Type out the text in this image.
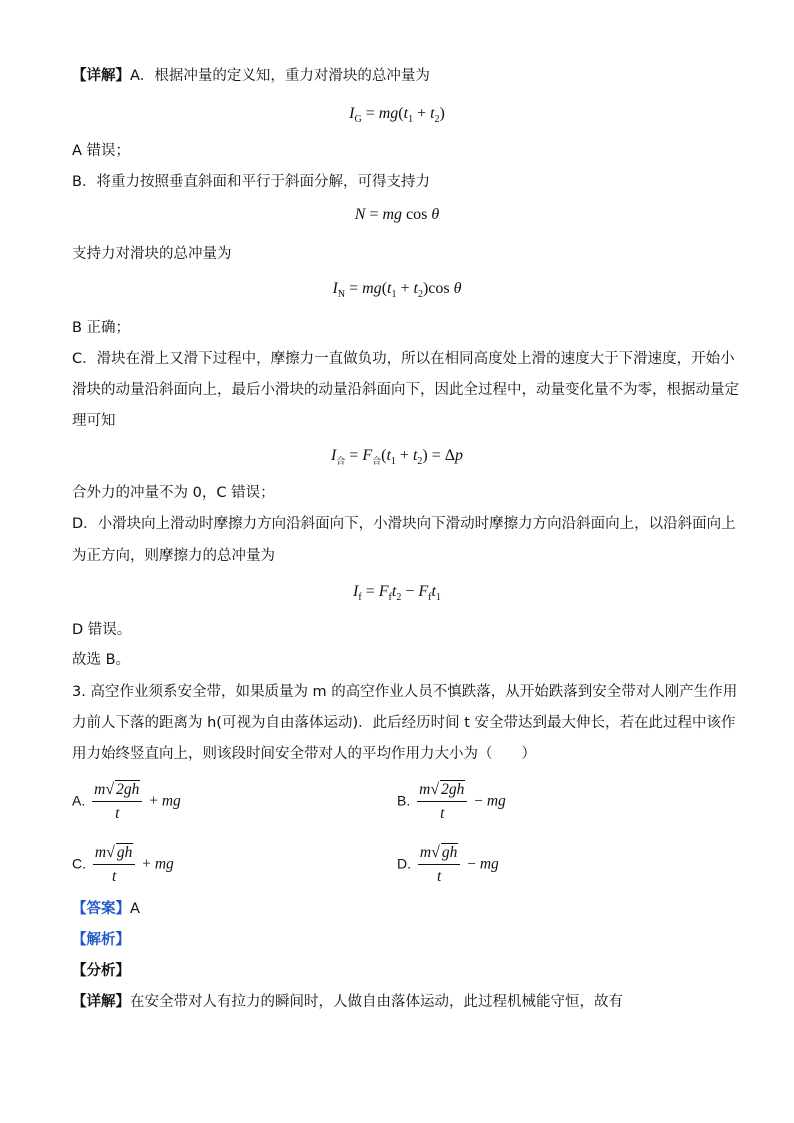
【详解】A．根据冲量的定义知，重力对滑块的总冲量为
$I_G = mg(t_1 + t_2)$
A 错误；
B．将重力按照垂直斜面和平行于斜面分解，可得支持力
N = mg cos θ
支持力对滑块的总冲量为
$I_N = mg(t_1 + t_2)\cos$ θ
B 正确；
C．滑块在滑上又滑下过程中，摩擦力一直做负功，所以在相同高度处上滑的速度大于下滑速度，开始小
滑块的动量沿斜面向上，最后小滑块的动量沿斜面向下，因此全过程中，动量变化量不为零，根据动量定
理可知
$I_合 = F_合(t_1 + t_2) = \Delta p$
合外力的冲量不为 0，C 错误；
D．小滑块向上滑动时摩擦力方向沿斜面向下，小滑块向下滑动时摩擦力方向沿斜面向上，以沿斜面向上
为正方向，则摩擦力的总冲量为
$I_f = F_ft_2 - F_ft_1$
D 错误。
故选 B。
3. 高空作业须系安全带，如果质量为 m 的高空作业人员不慎跌落，从开始跌落到安全带对人刚产生作用
力前人下落的距离为 h(可视为自由落体运动)．此后经历时间 t 安全带达到最大伸长，若在此过程中该作
用力始终竖直向上，则该段时间安全带对人的平均作用力大小为（　　）
A. $\frac{m√ 2gh}{t}$ + mg	B. $\frac{m√ 2gh}{t}$ − mg
C. $\frac{m√ gh}{t}$ + mg	D. $\frac{m√ gh}{t}$ − mg
【答案】A
【解析】
【分析】
【详解】在安全带对人有拉力的瞬间时，人做自由落体运动，此过程机械能守恒，故有
